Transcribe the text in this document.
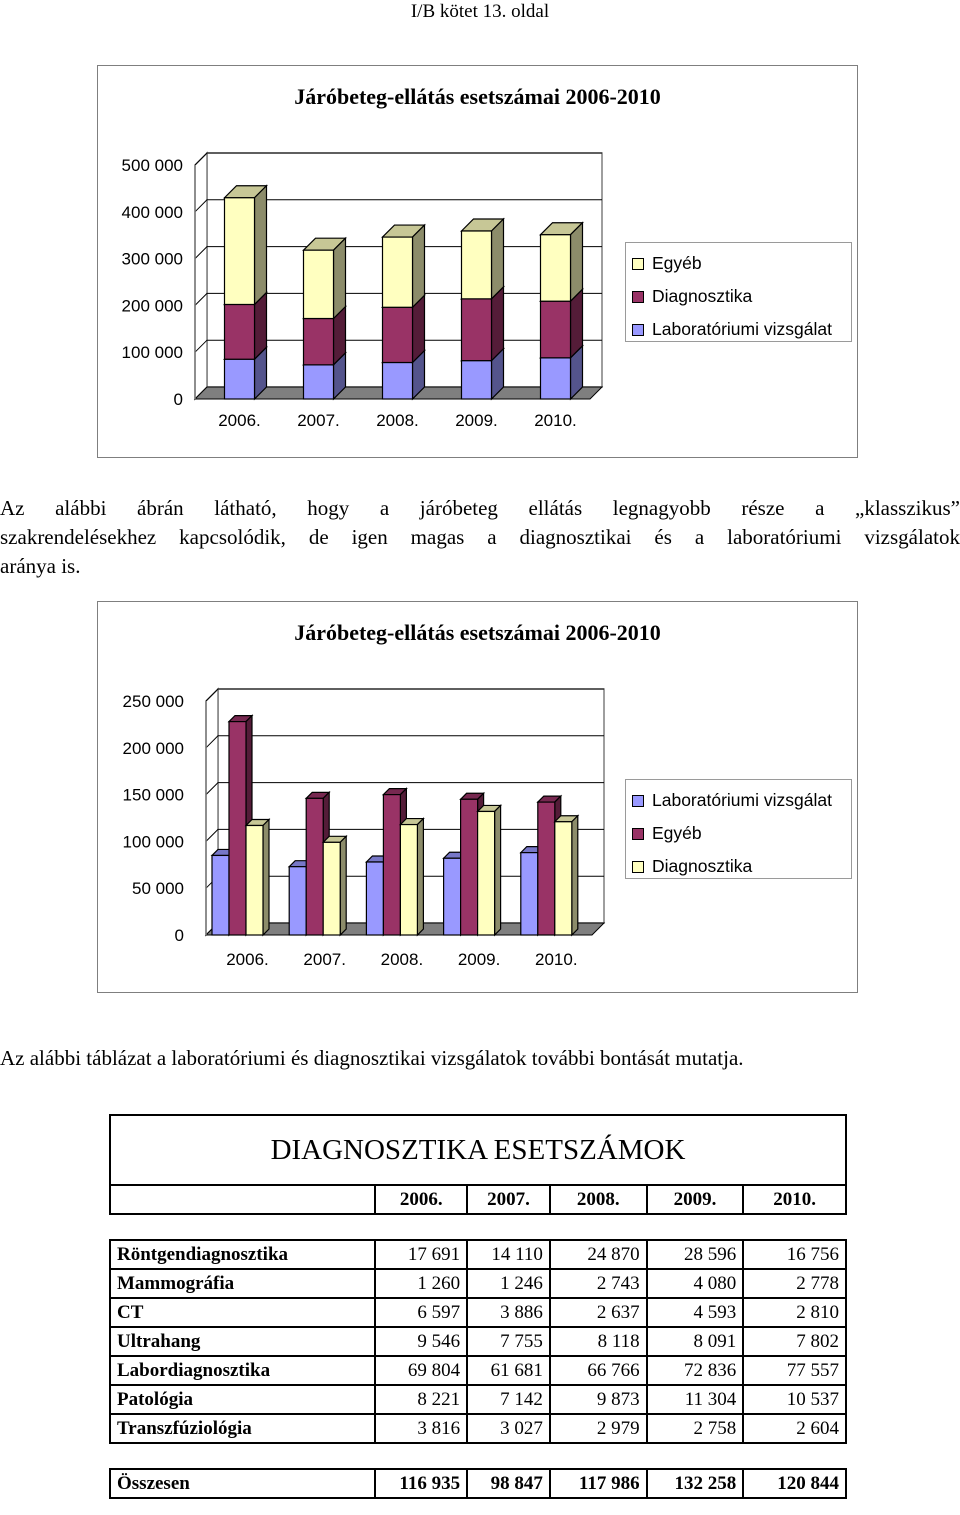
I/B kötet 13. oldal
Járóbeteg-ellátás esetszámai 2006-2010
0
100 000
200 000
300 000
400 000
500 000
2006. 2007. 2008. 2009. 2010.
Egyéb
Diagnosztika
Laboratóriumi vizsgálat
Az alábbi ábrán látható, hogy a járóbeteg ellátás legnagyobb része a „klasszikus”
szakrendelésekhez kapcsolódik, de igen magas a diagnosztikai és a laboratóriumi vizsgálatok
aránya is.
Járóbeteg-ellátás esetszámai 2006-2010
0
50 000
100 000
150 000
200 000
250 000
2006. 2007. 2008. 2009. 2010.
Laboratóriumi vizsgálat
Egyéb
Diagnosztika
Az alábbi táblázat a laboratóriumi és diagnosztikai vizsgálatok további bontását mutatja.
DIAGNOSZTIKA ESETSZÁMOK					
	2006.	2007.	2008.	2009.	2010.

Röntgendiagnosztika	17 691	14 110	24 870	28 596	16 756
Mammográfia	1 260	1 246	2 743	4 080	2 778
CT	6 597	3 886	2 637	4 593	2 810
Ultrahang	9 546	7 755	8 118	8 091	7 802
Labordiagnosztika	69 804	61 681	66 766	72 836	77 557
Patológia	8 221	7 142	9 873	11 304	10 537
Transzfúziológia	3 816	3 027	2 979	2 758	2 604

Összesen	116 935	98 847	117 986	132 258	120 844
